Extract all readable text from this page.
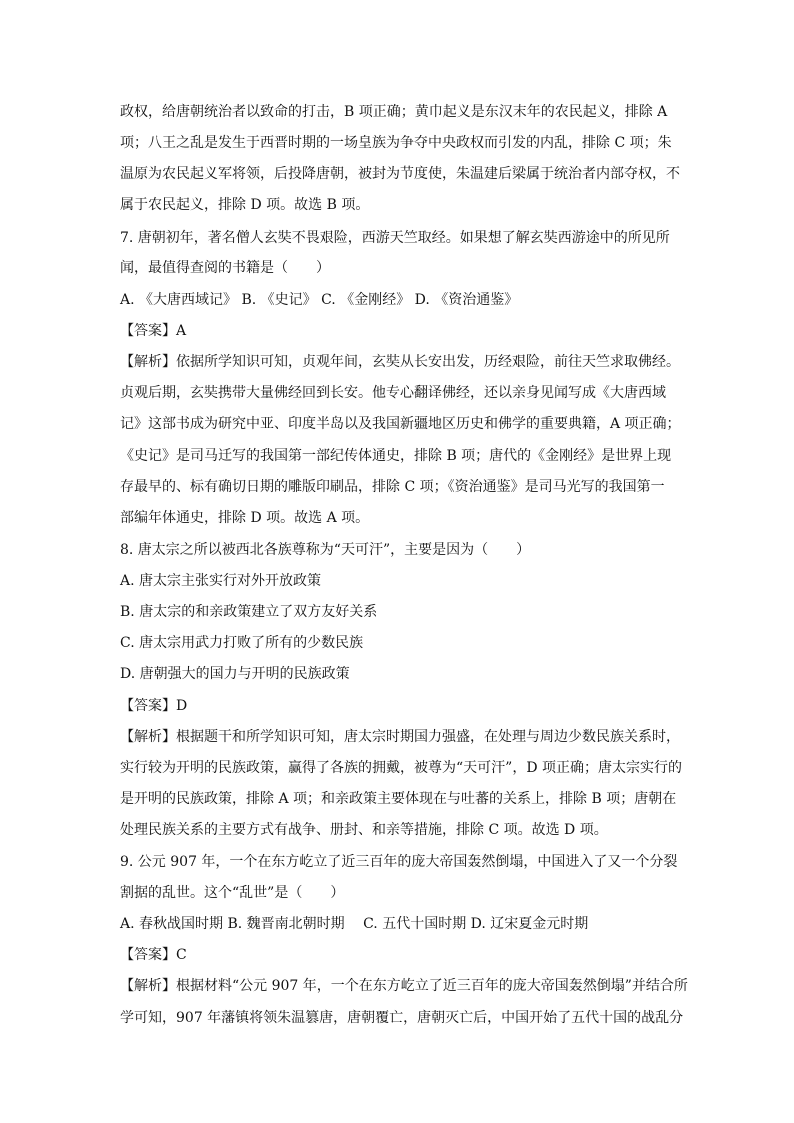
政权，给唐朝统治者以致命的打击，B 项正确；黄巾起义是东汉末年的农民起义，排除 A
项；八王之乱是发生于西晋时期的一场皇族为争夺中央政权而引发的内乱，排除 C 项；朱
温原为农民起义军将领，后投降唐朝，被封为节度使，朱温建后梁属于统治者内部夺权，不
属于农民起义，排除 D 项。故选 B 项。
7. 唐朝初年，著名僧人玄奘不畏艰险，西游天竺取经。如果想了解玄奘西游途中的所见所
闻，最值得查阅的书籍是（　　）
A. 《大唐西域记》 B. 《史记》 C. 《金刚经》 D. 《资治通鉴》
【答案】A
【解析】依据所学知识可知，贞观年间，玄奘从长安出发，历经艰险，前往天竺求取佛经。
贞观后期，玄奘携带大量佛经回到长安。他专心翻译佛经，还以亲身见闻写成《大唐西域
记》这部书成为研究中亚、印度半岛以及我国新疆地区历史和佛学的重要典籍，A 项正确；
《史记》是司马迁写的我国第一部纪传体通史，排除 B 项；唐代的《金刚经》是世界上现
存最早的、标有确切日期的雕版印刷品，排除 C 项；《资治通鉴》是司马光写的我国第一
部编年体通史，排除 D 项。故选 A 项。
8. 唐太宗之所以被西北各族尊称为“天可汗”，主要是因为（　　）
A. 唐太宗主张实行对外开放政策
B. 唐太宗的和亲政策建立了双方友好关系
C. 唐太宗用武力打败了所有的少数民族
D. 唐朝强大的国力与开明的民族政策
【答案】D
【解析】根据题干和所学知识可知，唐太宗时期国力强盛，在处理与周边少数民族关系时，
实行较为开明的民族政策，赢得了各族的拥戴，被尊为“天可汗”，D 项正确；唐太宗实行的
是开明的民族政策，排除 A 项；和亲政策主要体现在与吐蕃的关系上，排除 B 项；唐朝在
处理民族关系的主要方式有战争、册封、和亲等措施，排除 C 项。故选 D 项。
9. 公元 907 年，一个在东方屹立了近三百年的庞大帝国轰然倒塌，中国进入了又一个分裂
割据的乱世。这个“乱世”是（　　）
A. 春秋战国时期 B. 魏晋南北朝时期　 C. 五代十国时期 D. 辽宋夏金元时期
【答案】C
【解析】根据材料“公元 907 年，一个在东方屹立了近三百年的庞大帝国轰然倒塌”并结合所
学可知，907 年藩镇将领朱温篡唐，唐朝覆亡，唐朝灭亡后，中国开始了五代十国的战乱分
